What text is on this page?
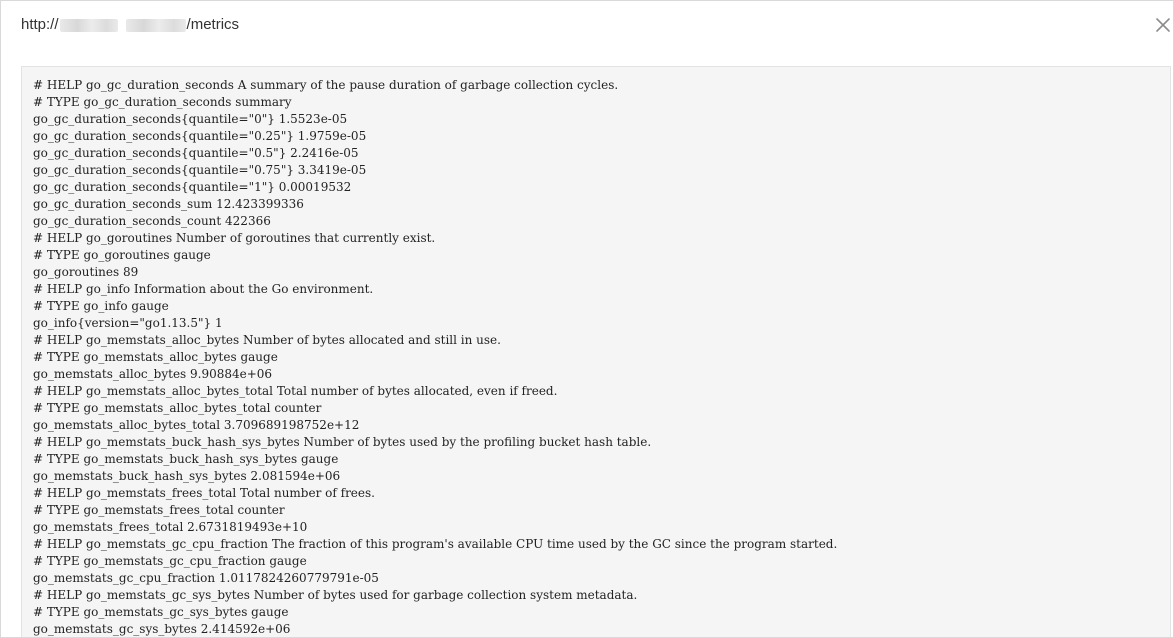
http://	/metrics
# HELP go_gc_duration_seconds A summary of the pause duration of garbage collection cycles.
# TYPE go_gc_duration_seconds summary
go_gc_duration_seconds{quantile="0"} 1.5523e-05
go_gc_duration_seconds{quantile="0.25"} 1.9759e-05
go_gc_duration_seconds{quantile="0.5"} 2.2416e-05
go_gc_duration_seconds{quantile="0.75"} 3.3419e-05
go_gc_duration_seconds{quantile="1"} 0.00019532
go_gc_duration_seconds_sum 12.423399336
go_gc_duration_seconds_count 422366
# HELP go_goroutines Number of goroutines that currently exist.
# TYPE go_goroutines gauge
go_goroutines 89
# HELP go_info Information about the Go environment.
# TYPE go_info gauge
go_info{version="go1.13.5"} 1
# HELP go_memstats_alloc_bytes Number of bytes allocated and still in use.
# TYPE go_memstats_alloc_bytes gauge
go_memstats_alloc_bytes 9.90884e+06
# HELP go_memstats_alloc_bytes_total Total number of bytes allocated, even if freed.
# TYPE go_memstats_alloc_bytes_total counter
go_memstats_alloc_bytes_total 3.709689198752e+12
# HELP go_memstats_buck_hash_sys_bytes Number of bytes used by the profiling bucket hash table.
# TYPE go_memstats_buck_hash_sys_bytes gauge
go_memstats_buck_hash_sys_bytes 2.081594e+06
# HELP go_memstats_frees_total Total number of frees.
# TYPE go_memstats_frees_total counter
go_memstats_frees_total 2.6731819493e+10
# HELP go_memstats_gc_cpu_fraction The fraction of this program's available CPU time used by the GC since the program started.
# TYPE go_memstats_gc_cpu_fraction gauge
go_memstats_gc_cpu_fraction 1.0117824260779791e-05
# HELP go_memstats_gc_sys_bytes Number of bytes used for garbage collection system metadata.
# TYPE go_memstats_gc_sys_bytes gauge
go_memstats_gc_sys_bytes 2.414592e+06
